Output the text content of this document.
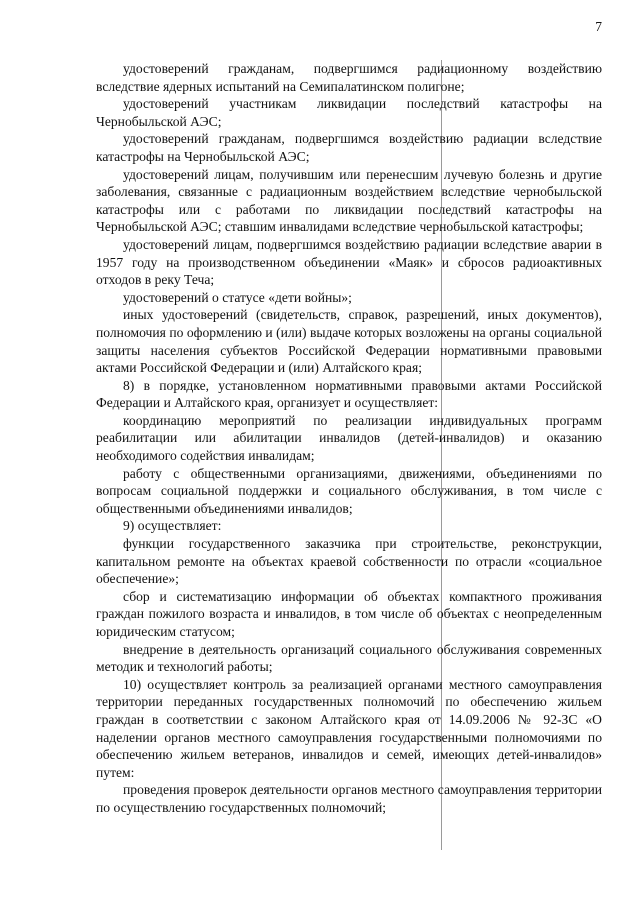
7

удостоверений гражданам, подвергшимся радиационному воздействию вследствие ядерных испытаний на Семипалатинском полигоне;

удостоверений участникам ликвидации последствий катастрофы на Чернобыльской АЭС;

удостоверений гражданам, подвергшимся воздействию радиации вследствие катастрофы на Чернобыльской АЭС;

удостоверений лицам, получившим или перенесшим лучевую болезнь и другие заболевания, связанные с радиационным воздействием вследствие чернобыльской катастрофы или с работами по ликвидации последствий катастрофы на Чернобыльской АЭС; ставшим инвалидами вследствие чернобыльской катастрофы;

удостоверений лицам, подвергшимся воздействию радиации вследствие аварии в 1957 году на производственном объединении «Маяк» и сбросов радиоактивных отходов в реку Теча;

удостоверений о статусе «дети войны»;

иных удостоверений (свидетельств, справок, разрешений, иных документов), полномочия по оформлению и (или) выдаче которых возложены на органы социальной защиты населения субъектов Российской Федерации нормативными правовыми актами Российской Федерации и (или) Алтайского края;

8) в порядке, установленном нормативными правовыми актами Российской Федерации и Алтайского края, организует и осуществляет:

координацию мероприятий по реализации индивидуальных программ реабилитации или абилитации инвалидов (детей-инвалидов) и оказанию необходимого содействия инвалидам;

работу с общественными организациями, движениями, объединениями по вопросам социальной поддержки и социального обслуживания, в том числе с общественными объединениями инвалидов;

9) осуществляет:

функции государственного заказчика при строительстве, реконструкции, капитальном ремонте на объектах краевой собственности по отрасли «социальное обеспечение»;

сбор и систематизацию информации об объектах компактного проживания граждан пожилого возраста и инвалидов, в том числе об объектах с неопределенным юридическим статусом;

внедрение в деятельность организаций социального обслуживания современных методик и технологий работы;

10) осуществляет контроль за реализацией органами местного самоуправления территории переданных государственных полномочий по обеспечению жильем граждан в соответствии с законом Алтайского края от 14.09.2006 № 92-ЗС «О наделении органов местного самоуправления государственными полномочиями по обеспечению жильем ветеранов, инвалидов и семей, имеющих детей-инвалидов» путем:

проведения проверок деятельности органов местного самоуправления территории по осуществлению государственных полномочий;
